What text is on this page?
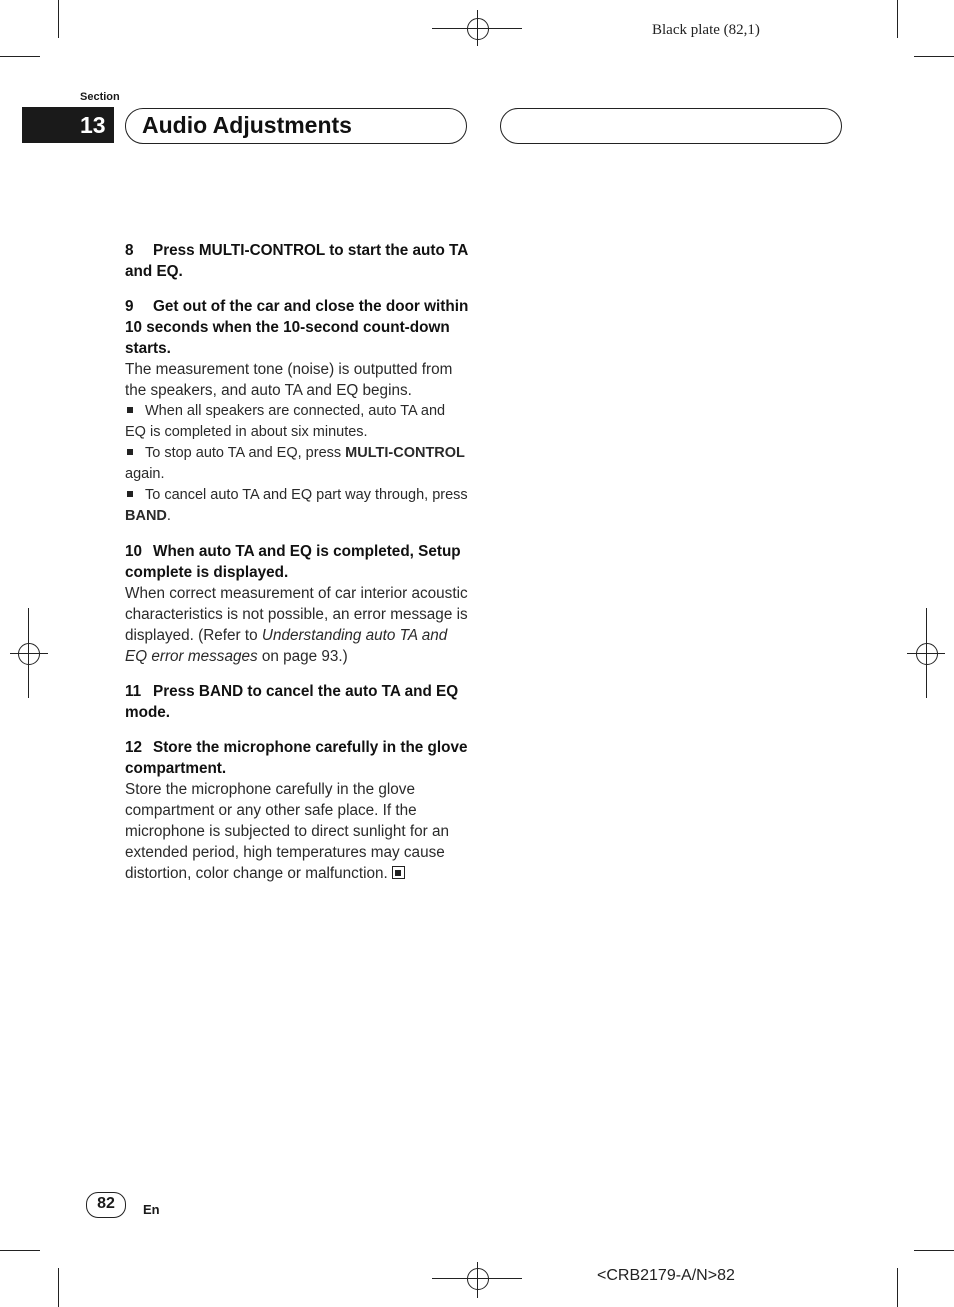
Black plate (82,1)
Section
13 Audio Adjustments

8 Press MULTI-CONTROL to start the auto TA and EQ.

9 Get out of the car and close the door within 10 seconds when the 10-second count-down starts.

The measurement tone (noise) is outputted from the speakers, and auto TA and EQ begins.

When all speakers are connected, auto TA and EQ is completed in about six minutes.

To stop auto TA and EQ, press MULTI-CONTROL again.

To cancel auto TA and EQ part way through, press BAND.

10 When auto TA and EQ is completed, Setup complete is displayed.

When correct measurement of car interior acoustic characteristics is not possible, an error message is displayed. (Refer to Understanding auto TA and EQ error messages on page 93.)

11 Press BAND to cancel the auto TA and EQ mode.

12 Store the microphone carefully in the glove compartment.

Store the microphone carefully in the glove compartment or any other safe place. If the microphone is subjected to direct sunlight for an extended period, high temperatures may cause distortion, color change or malfunction.

82	En
<CRB2179-A/N>82
